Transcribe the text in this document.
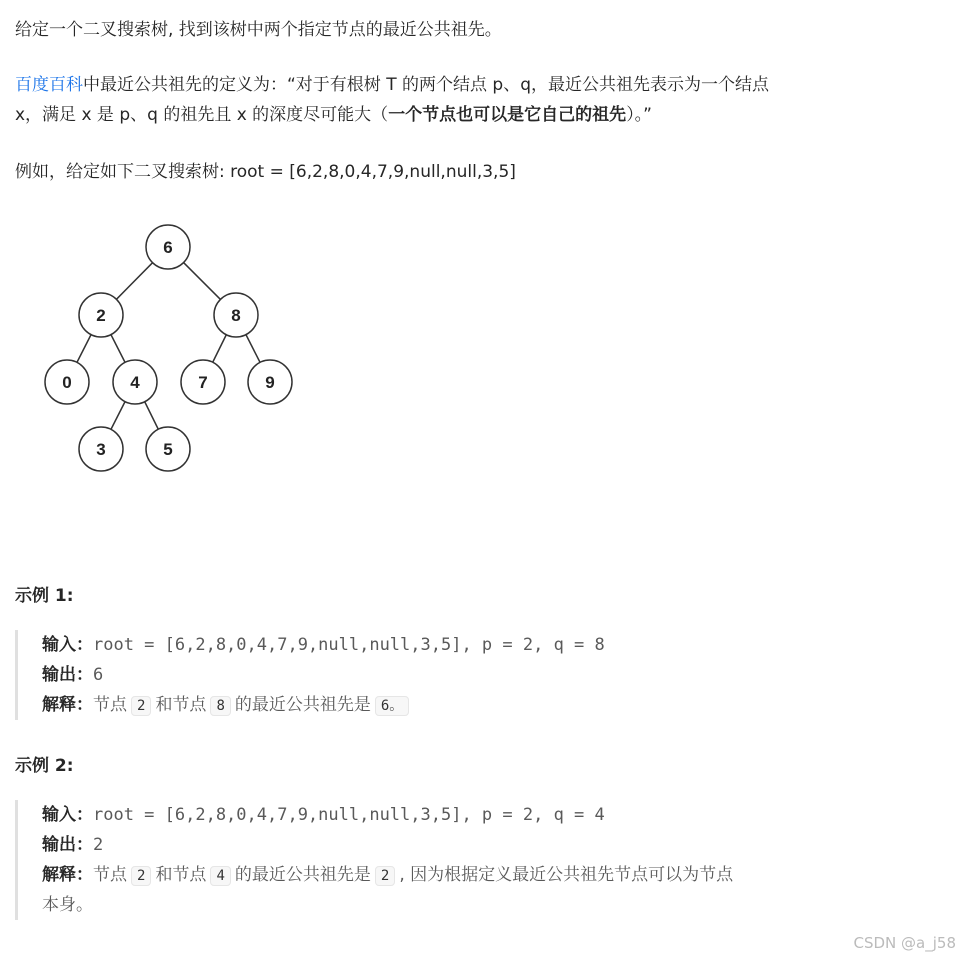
给定一个二叉搜索树, 找到该树中两个指定节点的最近公共祖先。
百度百科中最近公共祖先的定义为：“对于有根树 T 的两个结点 p、q，最近公共祖先表示为一个结点
x，满足 x 是 p、q 的祖先且 x 的深度尽可能大（一个节点也可以是它自己的祖先）。”
例如，给定如下二叉搜索树: root = [6,2,8,0,4,7,9,null,null,3,5]
6
2	8
0	4	7	9
3	5
示例 1:
输入：root = [6,2,8,0,4,7,9,null,null,3,5], p = 2, q = 8
输出：6
解释：节点 2 和节点 8 的最近公共祖先是 6。
示例 2:
输入：root = [6,2,8,0,4,7,9,null,null,3,5], p = 2, q = 4
输出：2
解释：节点 2 和节点 4 的最近公共祖先是 2 , 因为根据定义最近公共祖先节点可以为节点
本身。
CSDN @a_j58
